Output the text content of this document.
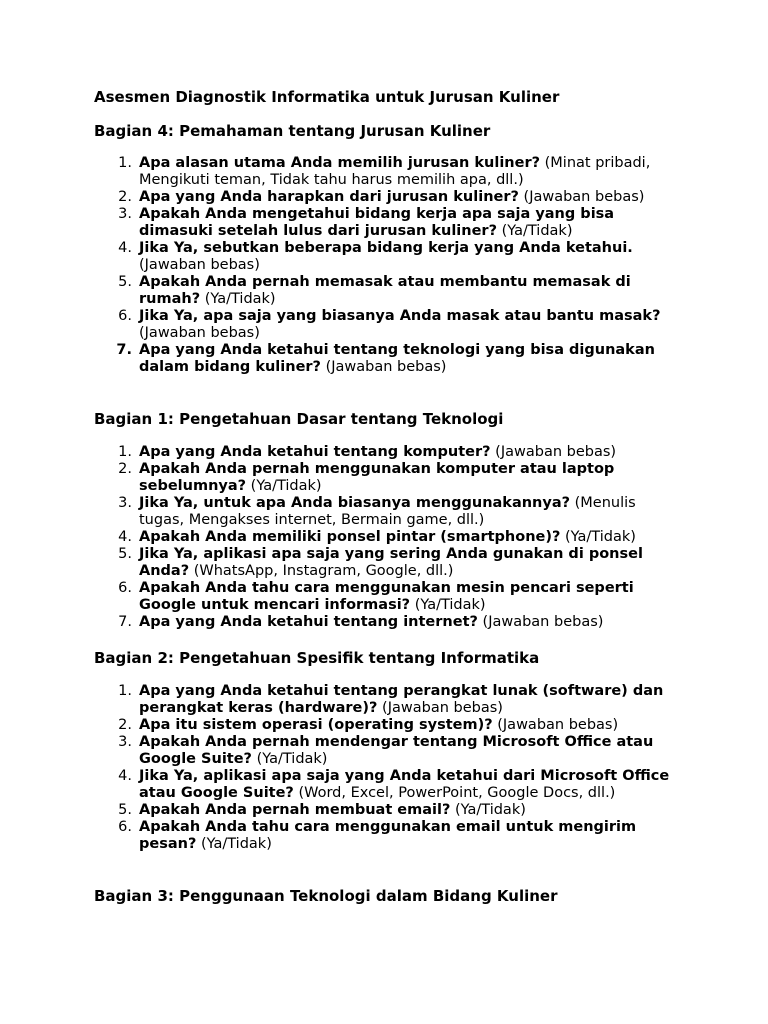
Asesmen Diagnostik Informatika untuk Jurusan Kuliner
Bagian 4: Pemahaman tentang Jurusan Kuliner
1. Apa alasan utama Anda memilih jurusan kuliner? (Minat pribadi, Mengikuti teman, Tidak tahu harus memilih apa, dll.)
2. Apa yang Anda harapkan dari jurusan kuliner? (Jawaban bebas)
3. Apakah Anda mengetahui bidang kerja apa saja yang bisa dimasuki setelah lulus dari jurusan kuliner? (Ya/Tidak)
4. Jika Ya, sebutkan beberapa bidang kerja yang Anda ketahui. (Jawaban bebas)
5. Apakah Anda pernah memasak atau membantu memasak di rumah? (Ya/Tidak)
6. Jika Ya, apa saja yang biasanya Anda masak atau bantu masak? (Jawaban bebas)
7. Apa yang Anda ketahui tentang teknologi yang bisa digunakan dalam bidang kuliner? (Jawaban bebas)
Bagian 1: Pengetahuan Dasar tentang Teknologi
1. Apa yang Anda ketahui tentang komputer? (Jawaban bebas)
2. Apakah Anda pernah menggunakan komputer atau laptop sebelumnya? (Ya/Tidak)
3. Jika Ya, untuk apa Anda biasanya menggunakannya? (Menulis tugas, Mengakses internet, Bermain game, dll.)
4. Apakah Anda memiliki ponsel pintar (smartphone)? (Ya/Tidak)
5. Jika Ya, aplikasi apa saja yang sering Anda gunakan di ponsel Anda? (WhatsApp, Instagram, Google, dll.)
6. Apakah Anda tahu cara menggunakan mesin pencari seperti Google untuk mencari informasi? (Ya/Tidak)
7. Apa yang Anda ketahui tentang internet? (Jawaban bebas)
Bagian 2: Pengetahuan Spesifik tentang Informatika
1. Apa yang Anda ketahui tentang perangkat lunak (software) dan perangkat keras (hardware)? (Jawaban bebas)
2. Apa itu sistem operasi (operating system)? (Jawaban bebas)
3. Apakah Anda pernah mendengar tentang Microsoft Office atau Google Suite? (Ya/Tidak)
4. Jika Ya, aplikasi apa saja yang Anda ketahui dari Microsoft Office atau Google Suite? (Word, Excel, PowerPoint, Google Docs, dll.)
5. Apakah Anda pernah membuat email? (Ya/Tidak)
6. Apakah Anda tahu cara menggunakan email untuk mengirim pesan? (Ya/Tidak)
Bagian 3: Penggunaan Teknologi dalam Bidang Kuliner
